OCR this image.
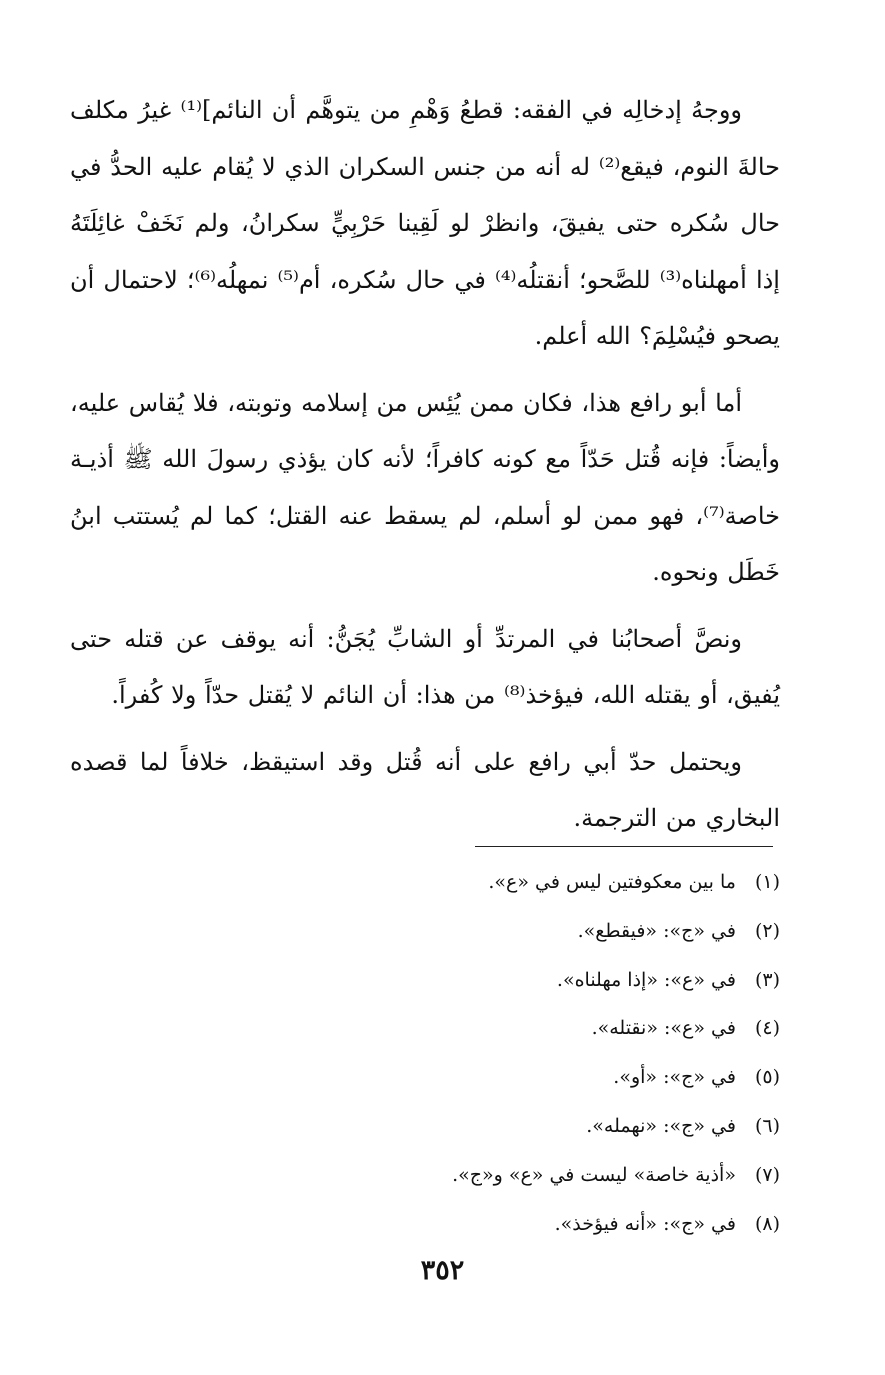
ووجهُ إدخالِه في الفقه: قطعُ وَهْمِ من يتوهَّم أن النائم]⁽¹⁾ غيرُ مكلف حالةَ النوم، فيقع⁽²⁾ له أنه من جنس السكران الذي لا يُقام عليه الحدُّ في حال سُكره حتى يفيقَ، وانظرْ لو لَقِينا حَرْبِيٍّ سكرانُ، ولم نَخَفْ غائِلَتَهُ إذا أمهلناه⁽³⁾ للصَّحو؛ أنقتلُه⁽⁴⁾ في حال سُكره، أم⁽⁵⁾ نمهلُه⁽⁶⁾؛ لاحتمال أن يصحو فيُسْلِمَ؟ الله أعلم.

أما أبو رافع هذا، فكان ممن يُئِس من إسلامه وتوبته، فلا يُقاس عليه، وأيضاً: فإنه قُتل حَدّاً مع كونه كافراً؛ لأنه كان يؤذي رسولَ الله ﷺ أذيـة خاصة⁽⁷⁾، فهو ممن لو أسلم، لم يسقط عنه القتل؛ كما لم يُستتب ابنُ خَطَل ونحوه.

ونصَّ أصحابُنا في المرتدِّ أو الشابِّ يُجَنُّ: أنه يوقف عن قتله حتى يُفيق، أو يقتله الله، فيؤخذ⁽⁸⁾ من هذا: أن النائم لا يُقتل حدّاً ولا كُفراً.

ويحتمل حدّ أبي رافع على أنه قُتل وقد استيقظ، خلافاً لما قصده البخاري من الترجمة.

(١) ما بين معكوفتين ليس في «ع».
(٢) في «ج»: «فيقطع».
(٣) في «ع»: «إذا مهلناه».
(٤) في «ع»: «نقتله».
(٥) في «ج»: «أو».
(٦) في «ج»: «نهمله».
(٧) «أذية خاصة» ليست في «ع» و«ج».
(٨) في «ج»: «أنه فيؤخذ».
٣٥٢
